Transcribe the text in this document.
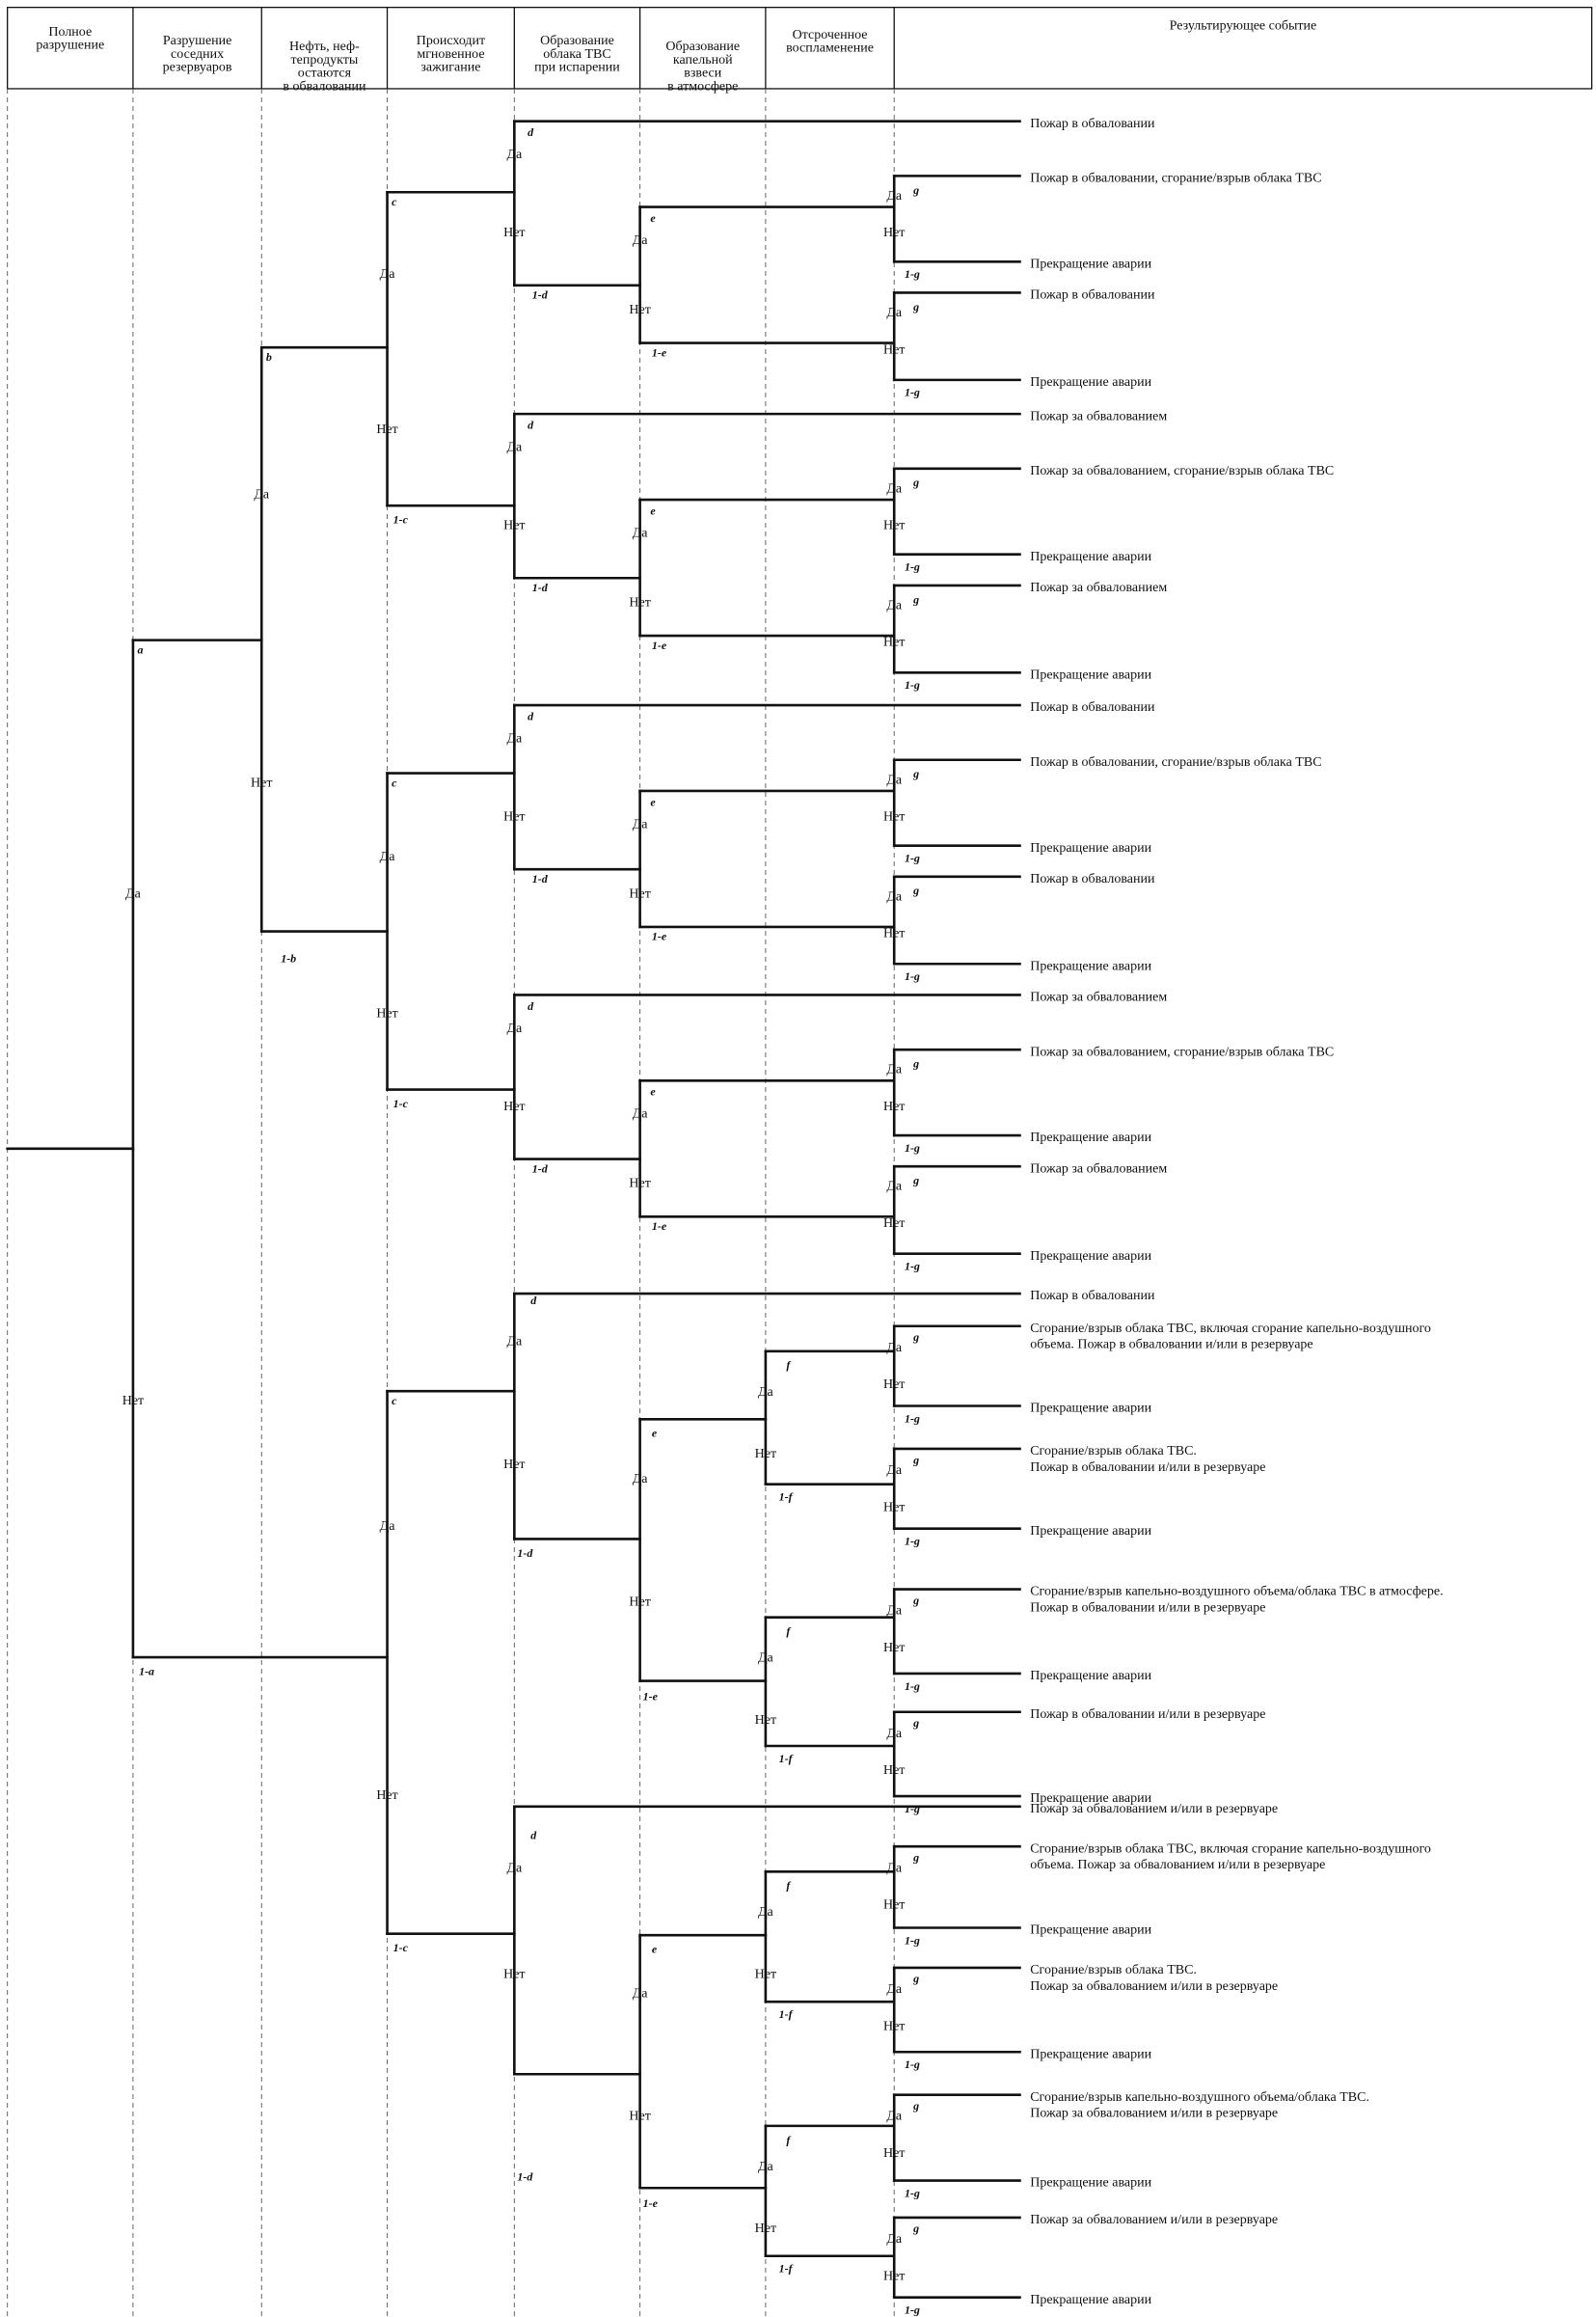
Полное разрушение	Разрушение соседних резервуаров
Нефть, неф-тепродукты остаются в обваловании
Происходит мгновенное зажигание
Образование облака ТВС при испарении
Образование капельной взвеси в атмосфере
Отсроченное воспламенение
Результирующее событие
a
1-a
Да
Нет
b
1-b
Да
Нет
c
1-c
Да
Нет
c
1-c
Да
Нет
d
1-d
Да
Нет
e
1-e
Да
Нет
g
1-g
Да
Нет
g
1-g
Да
Нет
d
1-d
Да
Нет
e
1-e
Да
Нет
g
1-g
Да
Нет
g
1-g
Да
Нет
d
1-d
Да
Нет
e
1-e
Да
Нет
g
1-g
Да
Нет
g
1-g
Да
Нет
d
1-d
Да
Нет
e
1-e
Да
Нет
g
1-g
Да
Нет
g
1-g
Да
Нет
c
1-c
Да
Нет
d
1-d
Да
Нет
e
1-e
Да
Нет
f
1-f
Да
Нет
g
1-g
Да
Нет
g
1-g
Да
Нет
f
1-f
Да
Нет
g
1-g
Да
Нет
g
1-g
Да
Нет
d
1-d
Да
Нет
e
1-e
Да
Нет
f
1-f
Да
Нет
g
1-g
Да
Нет
g
1-g
Да
Нет
f
1-f
Да
Нет
g
1-g
Да
Нет
g
1-g
Да
Нет
Пожар в обваловании
Пожар в обваловании, сгорание/взрыв облака ТВС
Прекращение аварии
Пожар в обваловании
Прекращение аварии
Пожар за обвалованием
Пожар за обвалованием, сгорание/взрыв облака ТВС
Прекращение аварии
Пожар за обвалованием
Прекращение аварии
Пожар в обваловании
Пожар в обваловании, сгорание/взрыв облака ТВС
Прекращение аварии
Пожар в обваловании
Прекращение аварии
Пожар за обвалованием
Пожар за обвалованием, сгорание/взрыв облака ТВС
Прекращение аварии
Пожар за обвалованием
Прекращение аварии
Пожар в обваловании
Сгорание/взрыв облака ТВС, включая сгорание капельно-воздушного объема. Пожар в обваловании и/или в резервуаре
Прекращение аварии
Сгорание/взрыв облака ТВС. Пожар в обваловании и/или в резервуаре
Прекращение аварии
Сгорание/взрыв капельно-воздушного объема/облака ТВС в атмосфере. Пожар в обваловании и/или в резервуаре
Прекращение аварии
Пожар в обваловании и/или в резервуаре
Прекращение аварии
Пожар за обвалованием и/или в резервуаре
Сгорание/взрыв облака ТВС, включая сгорание капельно-воздушного объема. Пожар за обвалованием и/или в резервуаре
Прекращение аварии
Сгорание/взрыв облака ТВС. Пожар за обвалованием и/или в резервуаре
Прекращение аварии
Сгорание/взрыв капельно-воздушного объема/облака ТВС. Пожар за обвалованием и/или в резервуаре
Прекращение аварии
Пожар за обвалованием и/или в резервуаре
Прекращение аварии
